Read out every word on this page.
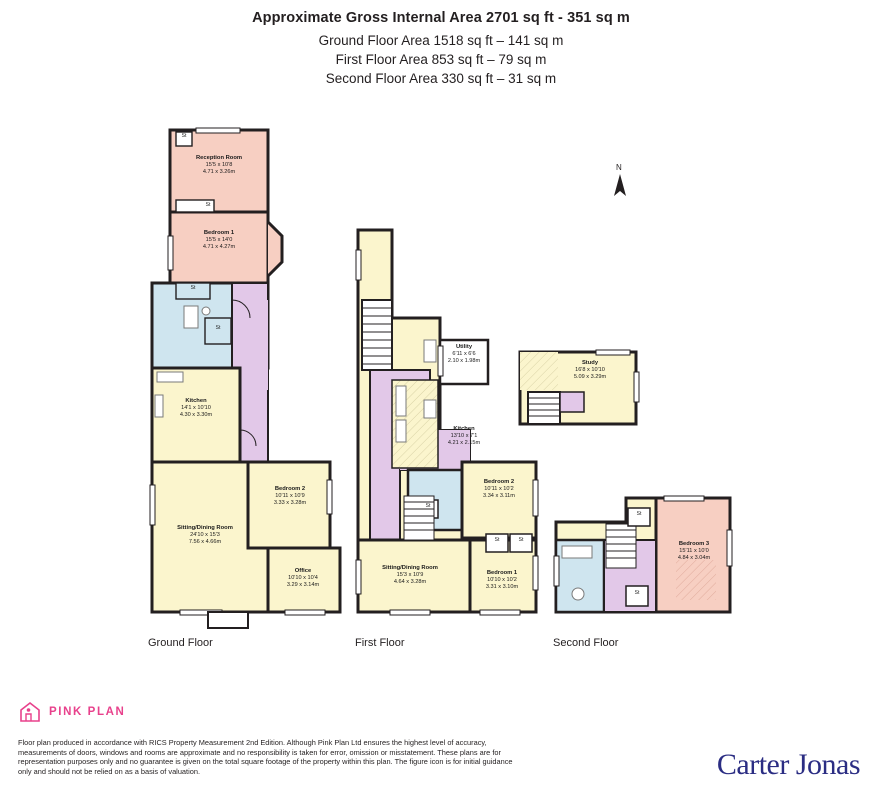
Approximate Gross Internal Area 2701 sq ft - 351 sq m
Ground Floor Area 1518 sq ft – 141 sq m
First Floor Area 853 sq ft – 79 sq m
Second Floor Area 330 sq ft – 31 sq m
N
Reception Room
15'5 x 10'8
4.71 x 3.26m
Bedroom 1
15'5 x 14'0
4.71 x 4.27m
Kitchen
14'1 x 10'10
4.30 x 3.30m
Bedroom 2
10'11 x 10'9
3.33 x 3.28m
Sitting/Dining Room
24'10 x 15'3
7.56 x 4.66m
Office
10'10 x 10'4
3.29 x 3.14m
Utility
6'11 x 6'6
2.10 x 1.98m
Kitchen
13'10 x 7'1
4.21 x 2.15m
Bedroom 2
10'11 x 10'2
3.34 x 3.11m
Sitting/Dining Room
15'3 x 10'9
4.64 x 3.28m
Bedroom 1
10'10 x 10'2
3.31 x 3.10m
Study
16'8 x 10'10
5.09 x 3.29m
Bedroom 3
15'11 x 10'0
4.84 x 3.04m
St
St
St
St
St
St	St
St
St
Ground Floor	First Floor	Second Floor
PINK PLAN
Floor plan produced in accordance with RICS Property Measurement 2nd Edition. Although Pink Plan Ltd ensures the highest level of accuracy, measurements of doors, windows and rooms are approximate and no responsibility is taken for error, omission or misstatement. These plans are for representation purposes only and no guarantee is given on the total square footage of the property within this plan. The figure icon is for initial guidance only and should not be relied on as a basis of valuation.	Carter Jonas
